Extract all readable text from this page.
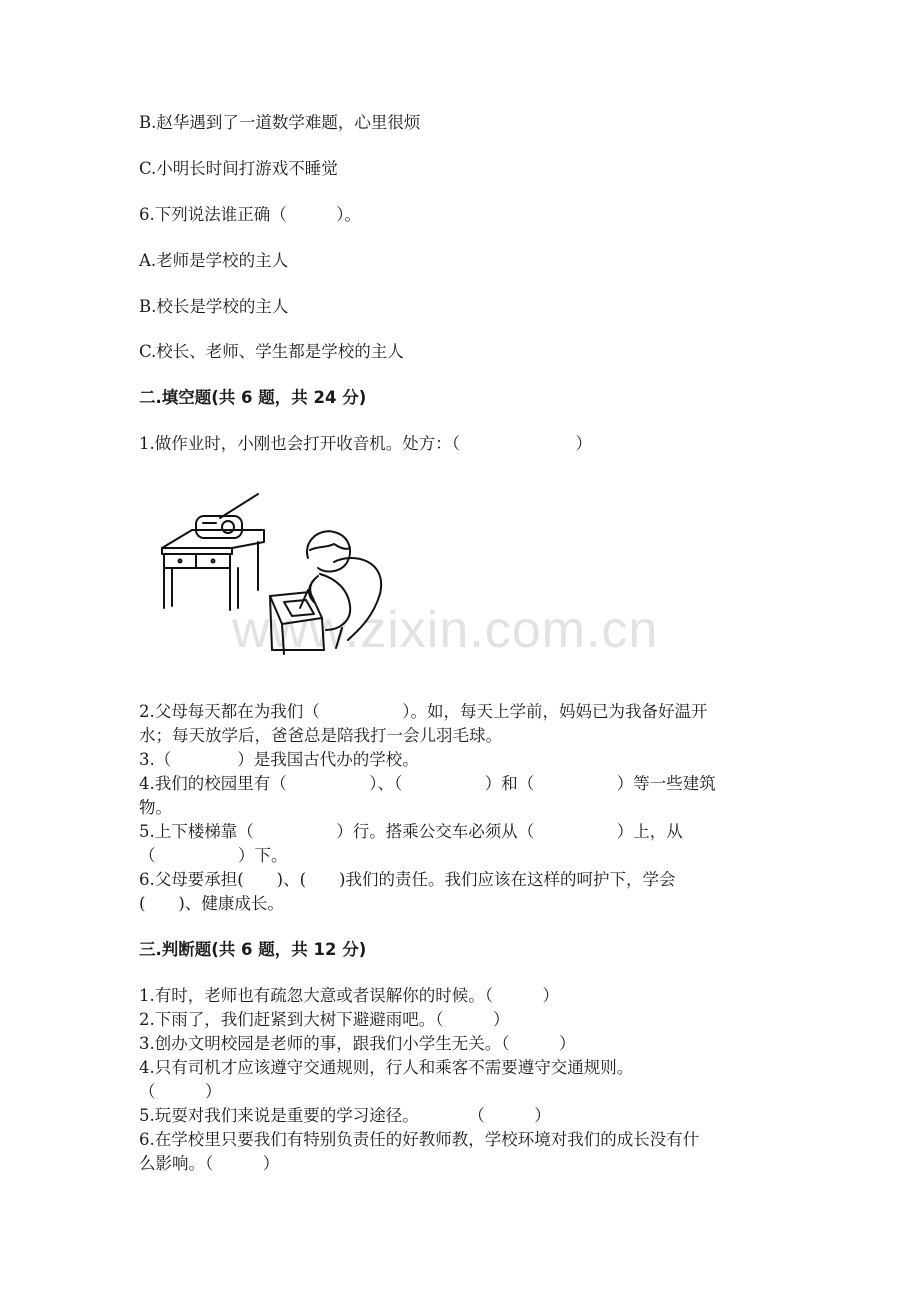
www.zixin.com.cn
B.赵华遇到了一道数学难题，心里很烦
C.小明长时间打游戏不睡觉
6.下列说法谁正确（　　　）。
A.老师是学校的主人
B.校长是学校的主人
C.校长、老师、学生都是学校的主人
二.填空题(共 6 题，共 24 分)
1.做作业时，小刚也会打开收音机。处方：（　　　　　　　）
2.父母每天都在为我们（　　　　　）。如，每天上学前，妈妈已为我备好温开
水；每天放学后，爸爸总是陪我打一会儿羽毛球。
3.（　　　　）是我国古代办的学校。
4.我们的校园里有（　　　　　）、（　　　　　）和（　　　　　）等一些建筑
物。
5.上下楼梯靠（　　　　　）行。搭乘公交车必须从（　　　　　）上，从
（　　　　　）下。
6.父母要承担(　　)、(　　)我们的责任。我们应该在这样的呵护下，学会
(　　)、健康成长。
三.判断题(共 6 题，共 12 分)
1.有时，老师也有疏忽大意或者误解你的时候。（　　　）
2.下雨了，我们赶紧到大树下避避雨吧。（　　　）
3.创办文明校园是老师的事，跟我们小学生无关。（　　　）
4.只有司机才应该遵守交通规则，行人和乘客不需要遵守交通规则。
（　　　）
5.玩耍对我们来说是重要的学习途径。　　　　（　　　）
6.在学校里只要我们有特别负责任的好教师教，学校环境对我们的成长没有什
么影响。（　　　）
